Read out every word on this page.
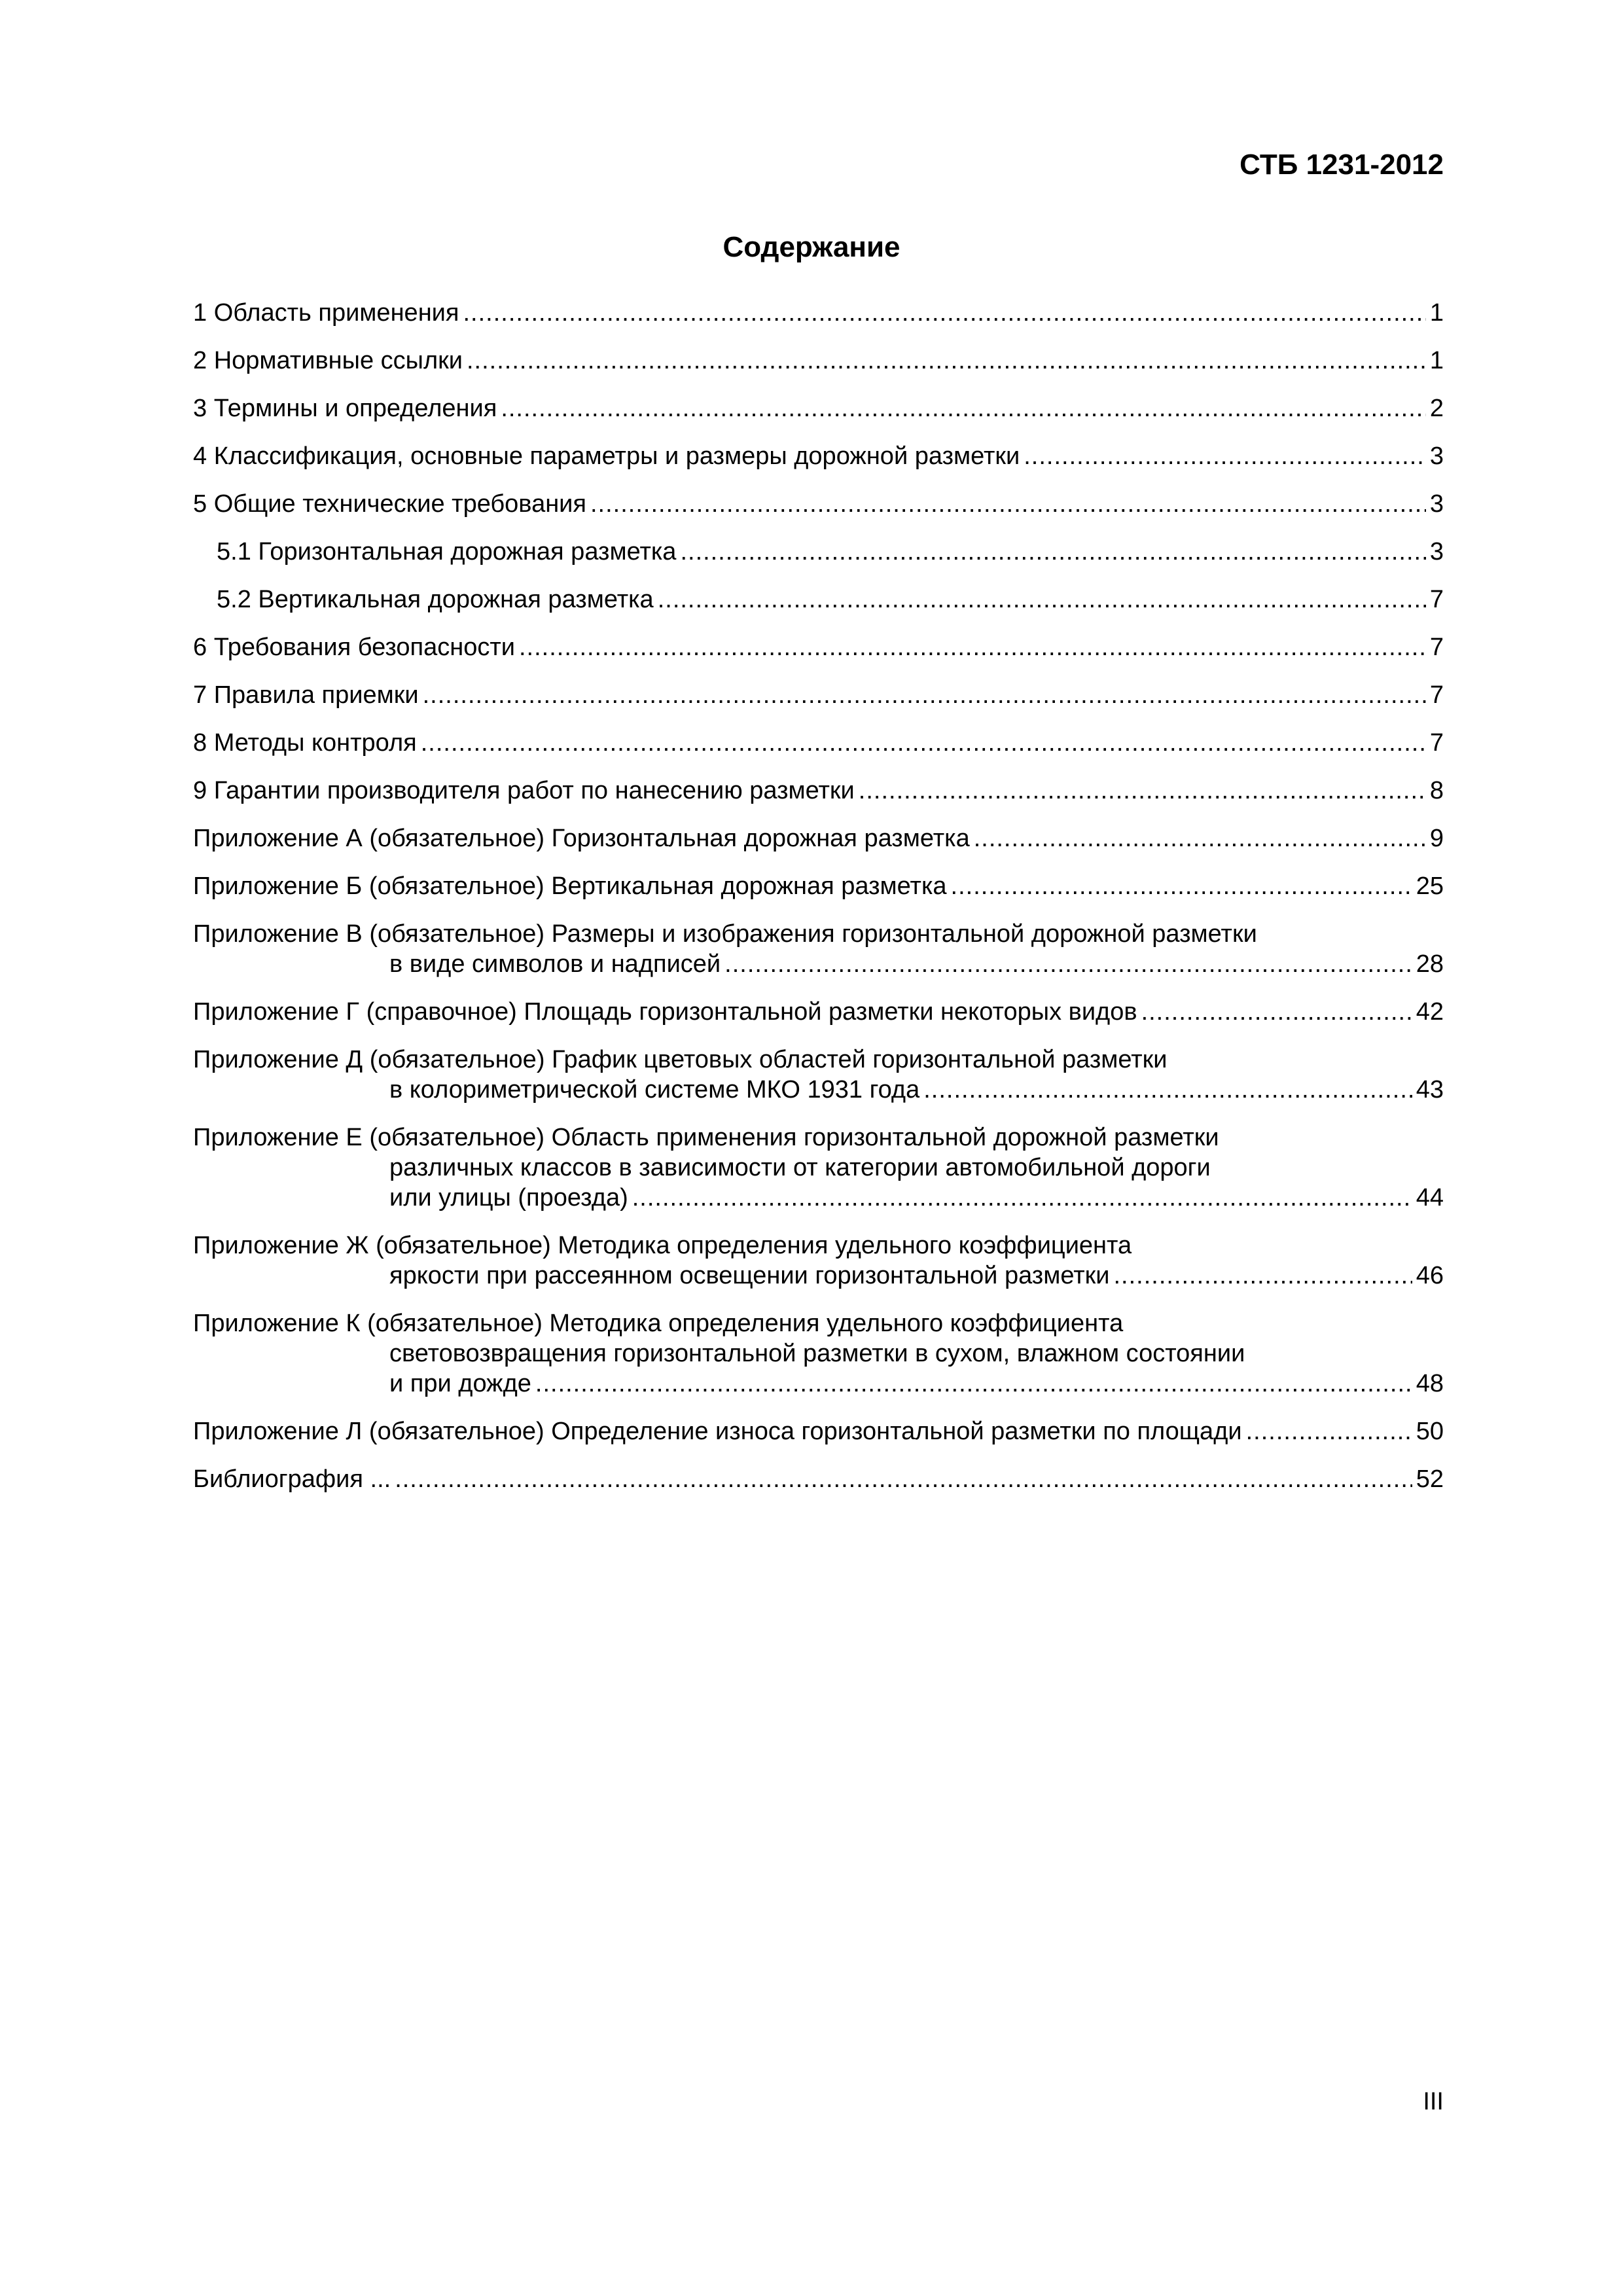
СТБ 1231-2012
Содержание
1 Область применения .....	1
2 Нормативные ссылки .....	1
3 Термины и определения .....	2
4 Классификация, основные параметры и размеры дорожной разметки .....	3
5 Общие технические требования .....	3
5.1 Горизонтальная дорожная разметка .....	3
5.2 Вертикальная дорожная разметка .....	7
6 Требования безопасности .....	7
7 Правила приемки .....	7
8 Методы контроля .....	7
9 Гарантии производителя работ по нанесению разметки .....	8
Приложение А (обязательное) Горизонтальная дорожная разметка .....	9
Приложение Б (обязательное) Вертикальная дорожная разметка .....	25
Приложение В (обязательное) Размеры и изображения горизонтальной дорожной разметки
в виде символов и надписей .....	28
Приложение Г (справочное) Площадь горизонтальной разметки некоторых видов .....	42
Приложение Д (обязательное) График цветовых областей горизонтальной разметки
в колориметрической системе МКО 1931 года .....	43
Приложение Е (обязательное) Область применения горизонтальной дорожной разметки
различных классов в зависимости от категории автомобильной дороги
или улицы (проезда) .....	44
Приложение Ж (обязательное) Методика определения удельного коэффициента
яркости при рассеянном освещении горизонтальной разметки .....	46
Приложение К (обязательное) Методика определения удельного коэффициента
световозвращения горизонтальной разметки в сухом, влажном состоянии
и при дожде .....	48
Приложение Л (обязательное) Определение износа горизонтальной разметки по площади .....	50
Библиография ... .....	52
III
